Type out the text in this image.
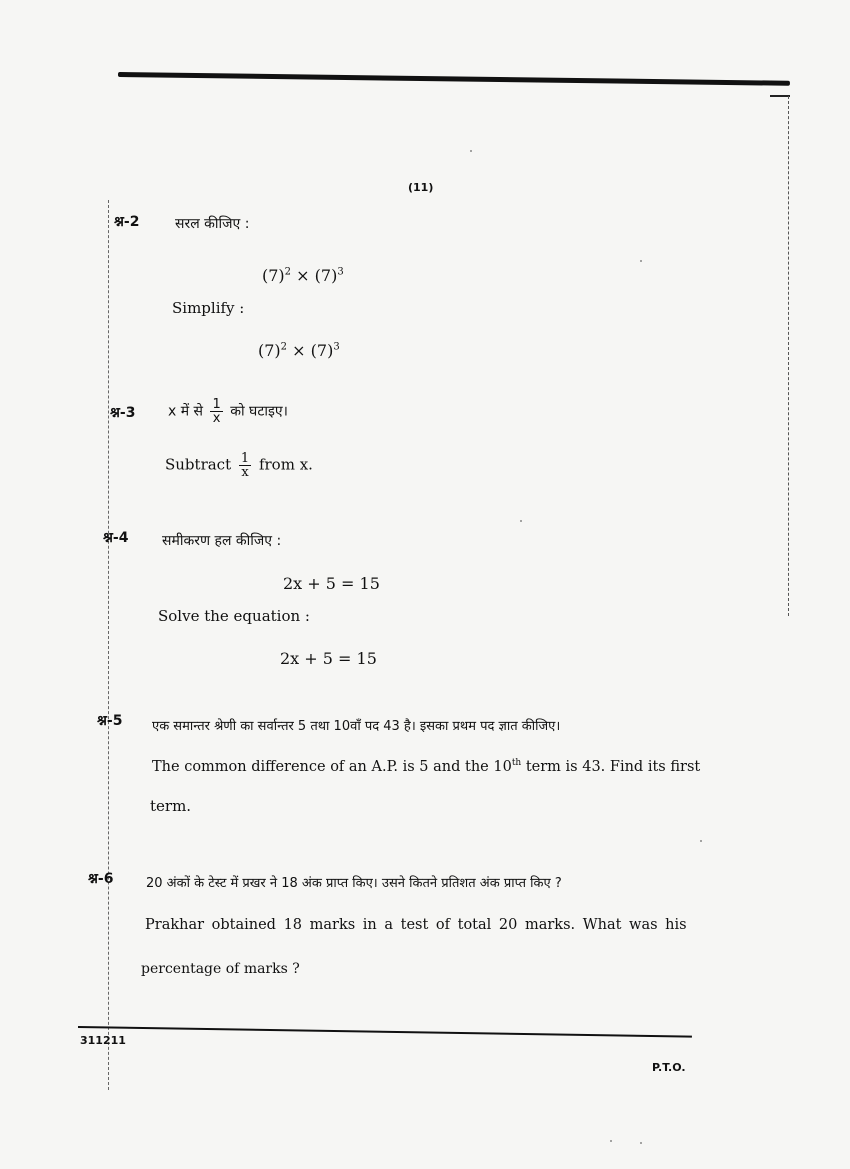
(11)
श्न-2	सरल कीजिए :
$(7)^2 \times (7)^3$
Simplify :
$(7)^2 \times (7)^3$
श्न-3 x में से $\frac{1}{x}$ को घटाइए।
Subtract $\frac{1}{x}$ from x.
श्न-4 समीकरण हल कीजिए :
2x + 5 = 15
Solve the equation :
2x + 5 = 15
श्न-5 एक समान्तर श्रेणी का सर्वान्तर 5 तथा 10वाँ पद 43 है। इसका प्रथम पद ज्ञात कीजिए।
The common difference of an A.P. is 5 and the 10th term is 43. Find its first
term.
श्न-6	20 अंकों के टेस्ट में प्रखर ने 18 अंक प्राप्त किए। उसने कितने प्रतिशत अंक प्राप्त किए ?
Prakhar obtained 18 marks in a test of total 20 marks. What was his
percentage of marks ?
311211
P.T.O.
